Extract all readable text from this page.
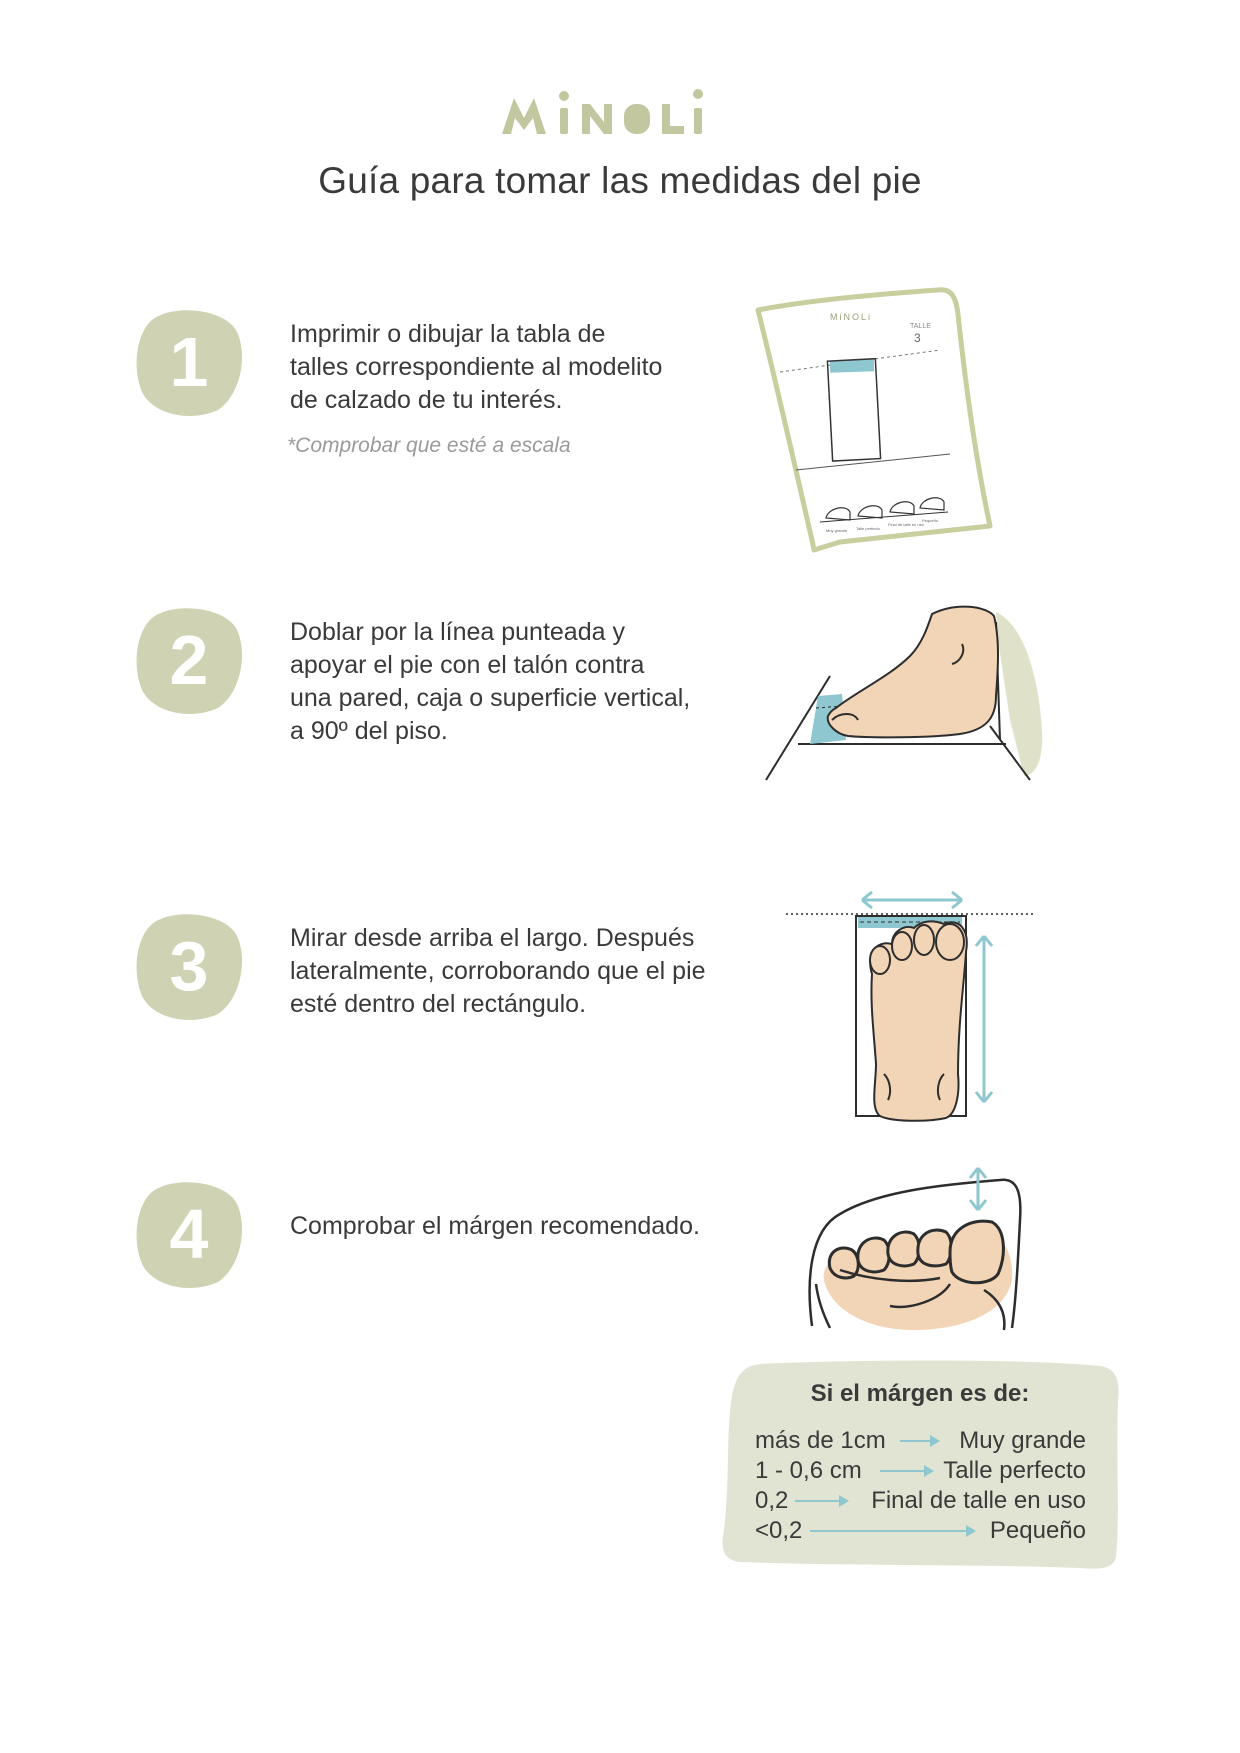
Guía para tomar las medidas del pie
1	Imprimir o dibujar la tabla de
talles correspondiente al modelito
de calzado de tu interés.
*Comprobar que esté a escala
MiNOLi
TALLE
3
Muy grande Talle perfecto
Final de talle en uso
Pequeño
2	Doblar por la línea punteada y
apoyar el pie con el talón contra
una pared, caja o superficie vertical,
a 90º del piso.
3	Mirar desde arriba el largo. Después
lateralmente, corroborando que el pie
esté dentro del rectángulo.
4	Comprobar el márgen recomendado.
Si el márgen es de:
más de 1cm	Muy grande
1 - 0,6 cm	Talle perfecto
0,2	Final de talle en uso
<0,2	Pequeño
